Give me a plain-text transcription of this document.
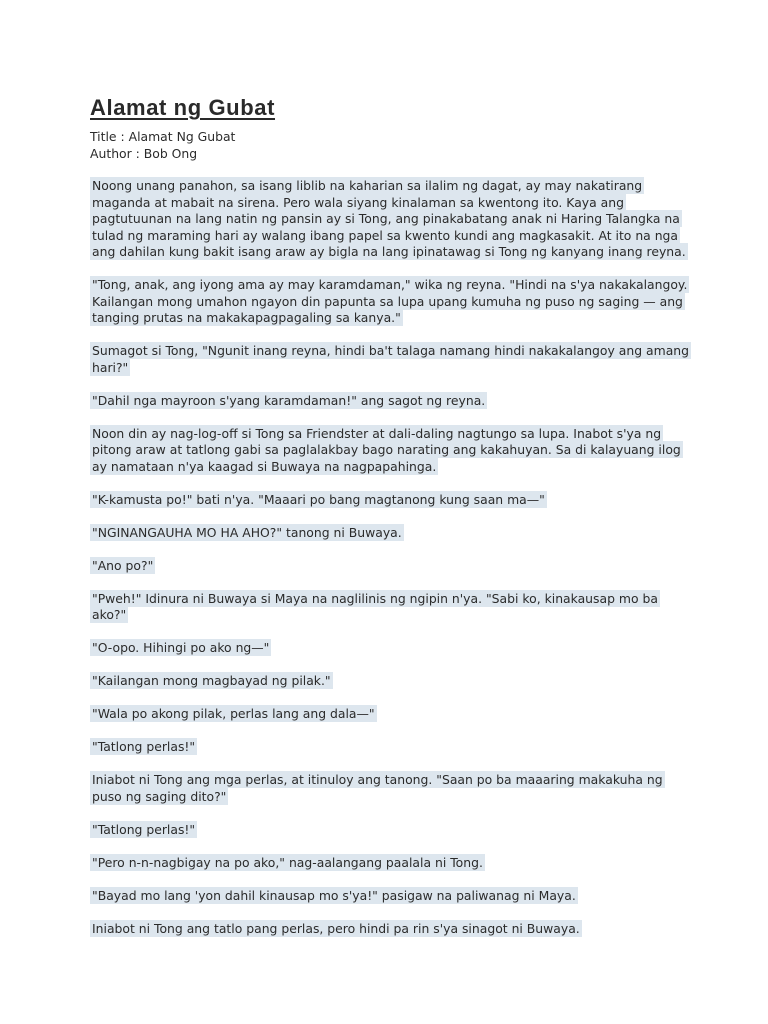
Alamat ng Gubat

Title : Alamat Ng Gubat

Author : Bob Ong

Noong unang panahon, sa isang liblib na kaharian sa ilalim ng dagat, ay may nakatirang maganda at mabait na sirena. Pero wala siyang kinalaman sa kwentong ito. Kaya ang pagtutuunan na lang natin ng pansin ay si Tong, ang pinakabatang anak ni Haring Talangka na tulad ng maraming hari ay walang ibang papel sa kwento kundi ang magkasakit. At ito na nga ang dahilan kung bakit isang araw ay bigla na lang ipinatawag si Tong ng kanyang inang reyna.

"Tong, anak, ang iyong ama ay may karamdaman," wika ng reyna. "Hindi na s'ya nakakalangoy. Kailangan mong umahon ngayon din papunta sa lupa upang kumuha ng puso ng saging — ang tanging prutas na makakapagpagaling sa kanya."

Sumagot si Tong, "Ngunit inang reyna, hindi ba't talaga namang hindi nakakalangoy ang amang hari?"

"Dahil nga mayroon s'yang karamdaman!" ang sagot ng reyna.

Noon din ay nag-log-off si Tong sa Friendster at dali-daling nagtungo sa lupa. Inabot s'ya ng pitong araw at tatlong gabi sa paglalakbay bago narating ang kakahuyan. Sa di kalayuang ilog ay namataan n'ya kaagad si Buwaya na nagpapahinga.

"K-kamusta po!" bati n'ya. "Maaari po bang magtanong kung saan ma—"

"NGINANGAUHA MO HA AHO?" tanong ni Buwaya.

"Ano po?"

"Pweh!" Idinura ni Buwaya si Maya na naglilinis ng ngipin n'ya. "Sabi ko, kinakausap mo ba ako?"

"O-opo. Hihingi po ako ng—"

"Kailangan mong magbayad ng pilak."

"Wala po akong pilak, perlas lang ang dala—"

"Tatlong perlas!"

Iniabot ni Tong ang mga perlas, at itinuloy ang tanong. "Saan po ba maaaring makakuha ng puso ng saging dito?"

"Tatlong perlas!"

"Pero n-n-nagbigay na po ako," nag-aalangang paalala ni Tong.

"Bayad mo lang 'yon dahil kinausap mo s'ya!" pasigaw na paliwanag ni Maya.

Iniabot ni Tong ang tatlo pang perlas, pero hindi pa rin s'ya sinagot ni Buwaya.
